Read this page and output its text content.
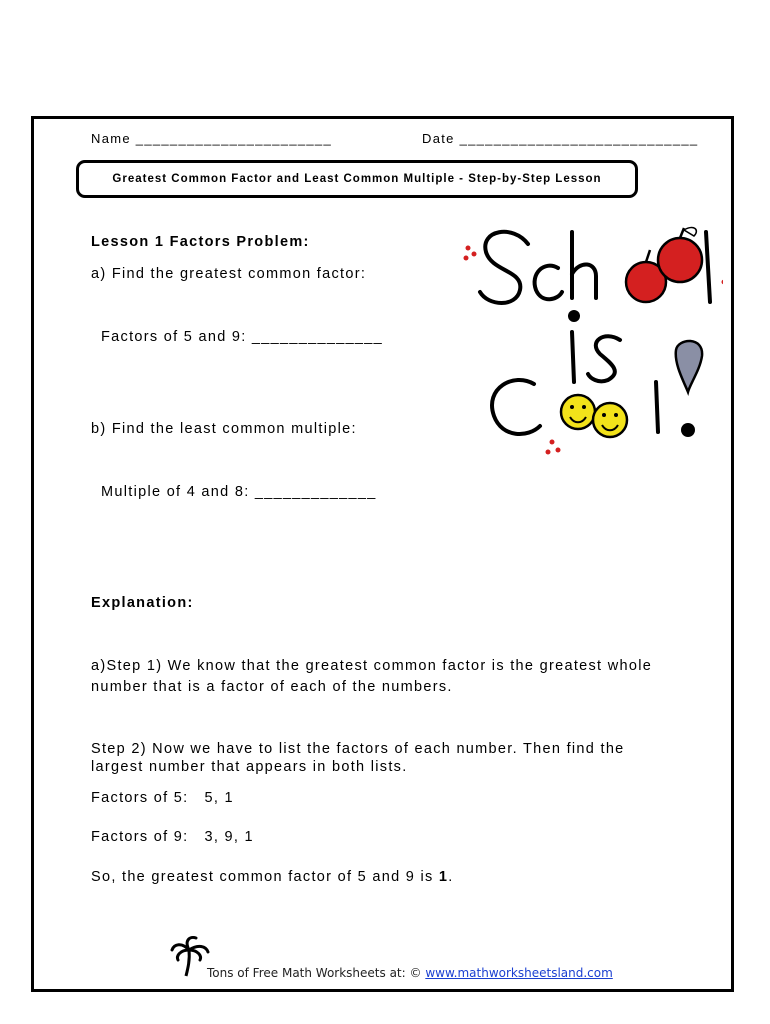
Name _______________________	Date ____________________________
Greatest Common Factor and Least Common Multiple - Step-by-Step Lesson
Lesson 1 Factors Problem:
a) Find the greatest common factor:
Factors of 5 and 9: ______________
b) Find the least common multiple:
Multiple of 4 and 8: _____________
Explanation:
a)Step 1) We know that the greatest common factor is the greatest whole
number that is a factor of each of the numbers.
Step 2) Now we have to list the factors of each number. Then find the
largest number that appears in both lists.
Factors of 5:   5, 1
Factors of 9:   3, 9, 1
So, the greatest common factor of 5 and 9 is 1.
Tons of Free Math Worksheets at: © www.mathworksheetsland.com
